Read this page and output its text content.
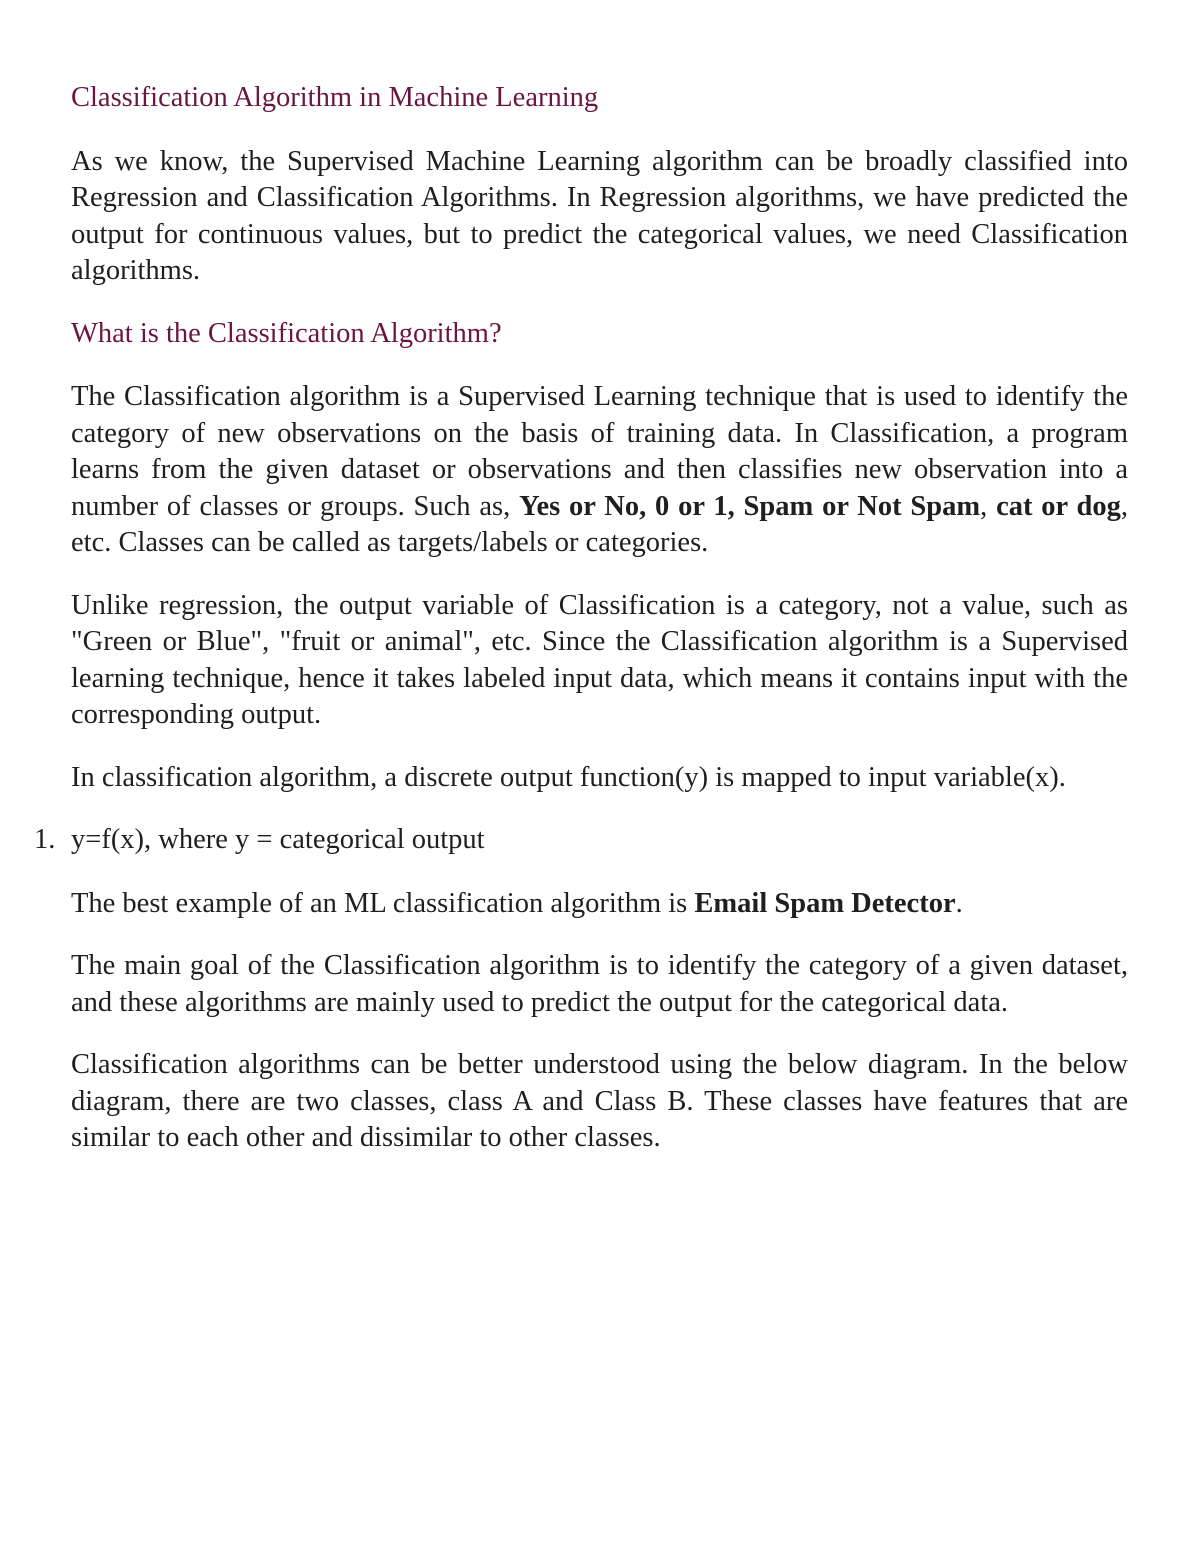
Classification Algorithm in Machine Learning

As we know, the Supervised Machine Learning algorithm can be broadly classified into Regression and Classification Algorithms. In Regression algorithms, we have predicted the output for continuous values, but to predict the categorical values, we need Classification algorithms.

What is the Classification Algorithm?

The Classification algorithm is a Supervised Learning technique that is used to identify the category of new observations on the basis of training data. In Classification, a program learns from the given dataset or observations and then classifies new observation into a number of classes or groups. Such as, Yes or No, 0 or 1, Spam or Not Spam, cat or dog, etc. Classes can be called as targets/labels or categories.

Unlike regression, the output variable of Classification is a category, not a value, such as "Green or Blue", "fruit or animal", etc. Since the Classification algorithm is a Supervised learning technique, hence it takes labeled input data, which means it contains input with the corresponding output.

In classification algorithm, a discrete output function(y) is mapped to input variable(x).

1. y=f(x), where y = categorical output

The best example of an ML classification algorithm is Email Spam Detector.

The main goal of the Classification algorithm is to identify the category of a given dataset, and these algorithms are mainly used to predict the output for the categorical data.

Classification algorithms can be better understood using the below diagram. In the below diagram, there are two classes, class A and Class B. These classes have features that are similar to each other and dissimilar to other classes.
